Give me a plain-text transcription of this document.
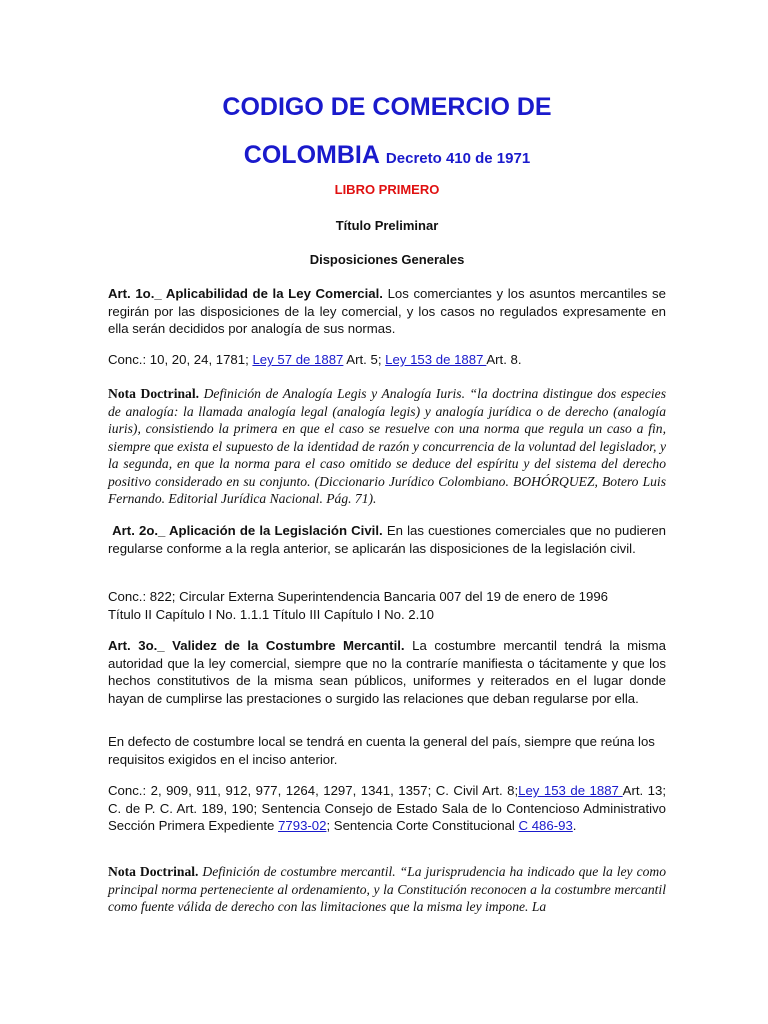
CODIGO DE COMERCIO DE
COLOMBIA Decreto 410 de 1971
LIBRO PRIMERO
Título Preliminar
Disposiciones Generales

Art. 1o._ Aplicabilidad de la Ley Comercial. Los comerciantes y los asuntos mercantiles se regirán por las disposiciones de la ley comercial, y los casos no regulados expresamente en ella serán decididos por analogía de sus normas.

Conc.: 10, 20, 24, 1781; Ley 57 de 1887 Art. 5; Ley 153 de 1887 Art. 8.

Nota Doctrinal. Definición de Analogía Legis y Analogía Iuris. “la doctrina distingue dos especies de analogía: la llamada analogía legal (analogía legis) y analogía jurídica o de derecho (analogía iuris), consistiendo la primera en que el caso se resuelve con una norma que regula un caso a fin, siempre que exista el supuesto de la identidad de razón y concurrencia de la voluntad del legislador, y la segunda, en que la norma para el caso omitido se deduce del espíritu y del sistema del derecho positivo considerado en su conjunto. (Diccionario Jurídico Colombiano. BOHÓRQUEZ, Botero Luis Fernando. Editorial Jurídica Nacional. Pág. 71).

Art. 2o._ Aplicación de la Legislación Civil. En las cuestiones comerciales que no pudieren regularse conforme a la regla anterior, se aplicarán las disposiciones de la legislación civil.

Conc.: 822; Circular Externa Superintendencia Bancaria 007 del 19 de enero de 1996
Título II Capítulo I No. 1.1.1 Título III Capítulo I No. 2.10

Art. 3o._ Validez de la Costumbre Mercantil. La costumbre mercantil tendrá la misma autoridad que la ley comercial, siempre que no la contraríe manifiesta o tácitamente y que los hechos constitutivos de la misma sean públicos, uniformes y reiterados en el lugar donde hayan de cumplirse las prestaciones o surgido las relaciones que deban regularse por ella.

En defecto de costumbre local se tendrá en cuenta la general del país, siempre que reúna los requisitos exigidos en el inciso anterior.

Conc.: 2, 909, 911, 912, 977, 1264, 1297, 1341, 1357; C. Civil Art. 8;Ley 153 de 1887 Art. 13; C. de P. C. Art. 189, 190; Sentencia Consejo de Estado Sala de lo Contencioso Administrativo Sección Primera Expediente 7793-02; Sentencia Corte Constitucional C 486-93.

Nota Doctrinal. Definición de costumbre mercantil. “La jurisprudencia ha indicado que la ley como principal norma perteneciente al ordenamiento, y la Constitución reconocen a la costumbre mercantil como fuente válida de derecho con las limitaciones que la misma ley impone. La
